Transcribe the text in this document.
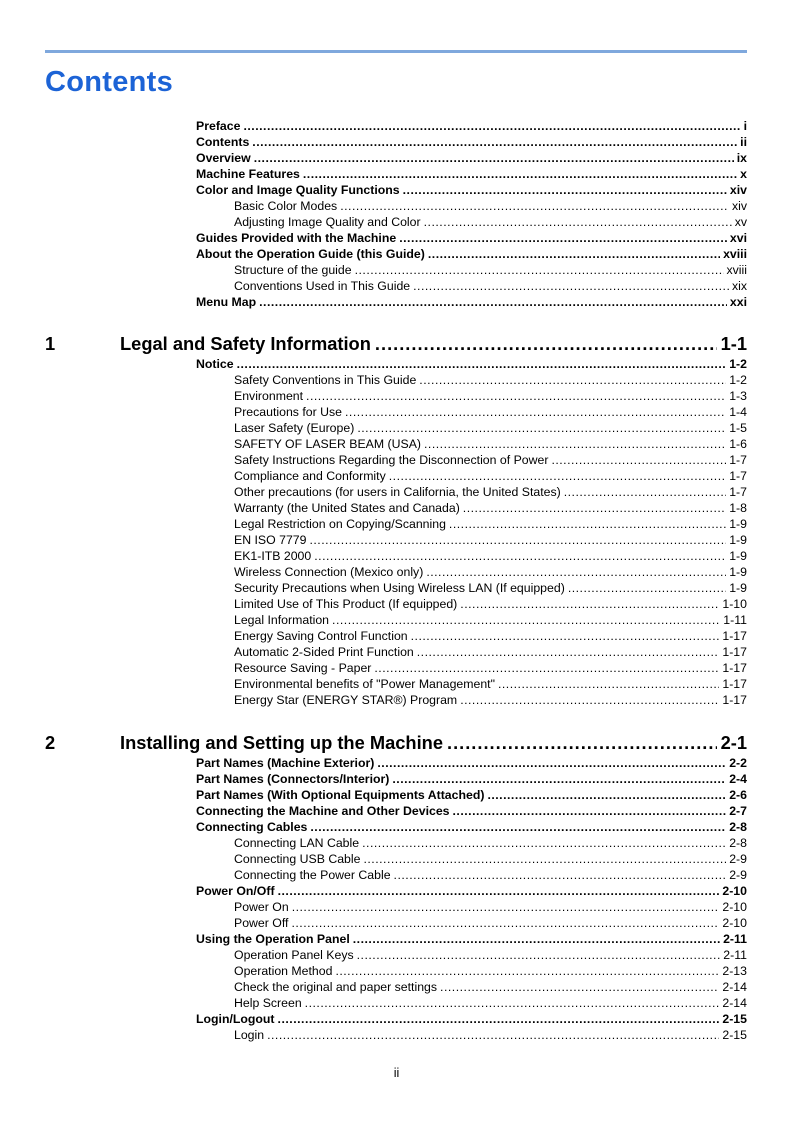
Contents
Preface .....	i
Contents .....	ii
Overview .....	ix
Machine Features .....	x
Color and Image Quality Functions .....	xiv
Basic Color Modes .....	xiv
Adjusting Image Quality and Color .....	xv
Guides Provided with the Machine .....	xvi
About the Operation Guide (this Guide) .....	xviii
Structure of the guide .....	xviii
Conventions Used in This Guide .....	xix
Menu Map .....	xxi
1	Legal and Safety Information .....	1-1
Notice .....	1-2
Safety Conventions in This Guide .....	1-2
Environment .....	1-3
Precautions for Use .....	1-4
Laser Safety (Europe) .....	1-5
SAFETY OF LASER BEAM (USA) .....	1-6
Safety Instructions Regarding the Disconnection of Power .....	1-7
Compliance and Conformity .....	1-7
Other precautions (for users in California, the United States) .....	1-7
Warranty (the United States and Canada) .....	1-8
Legal Restriction on Copying/Scanning .....	1-9
EN ISO 7779 .....	1-9
EK1-ITB 2000 .....	1-9
Wireless Connection (Mexico only) .....	1-9
Security Precautions when Using Wireless LAN (If equipped) .....	1-9
Limited Use of This Product (If equipped) .....	1-10
Legal Information .....	1-11
Energy Saving Control Function .....	1-17
Automatic 2-Sided Print Function .....	1-17
Resource Saving - Paper .....	1-17
Environmental benefits of "Power Management" .....	1-17
Energy Star (ENERGY STAR®) Program .....	1-17
2	Installing and Setting up the Machine .....	2-1
Part Names (Machine Exterior) .....	2-2
Part Names (Connectors/Interior) .....	2-4
Part Names (With Optional Equipments Attached) .....	2-6
Connecting the Machine and Other Devices .....	2-7
Connecting Cables .....	2-8
Connecting LAN Cable .....	2-8
Connecting USB Cable .....	2-9
Connecting the Power Cable .....	2-9
Power On/Off .....	2-10
Power On .....	2-10
Power Off .....	2-10
Using the Operation Panel .....	2-11
Operation Panel Keys .....	2-11
Operation Method .....	2-13
Check the original and paper settings .....	2-14
Help Screen .....	2-14
Login/Logout .....	2-15
Login .....	2-15
ii
